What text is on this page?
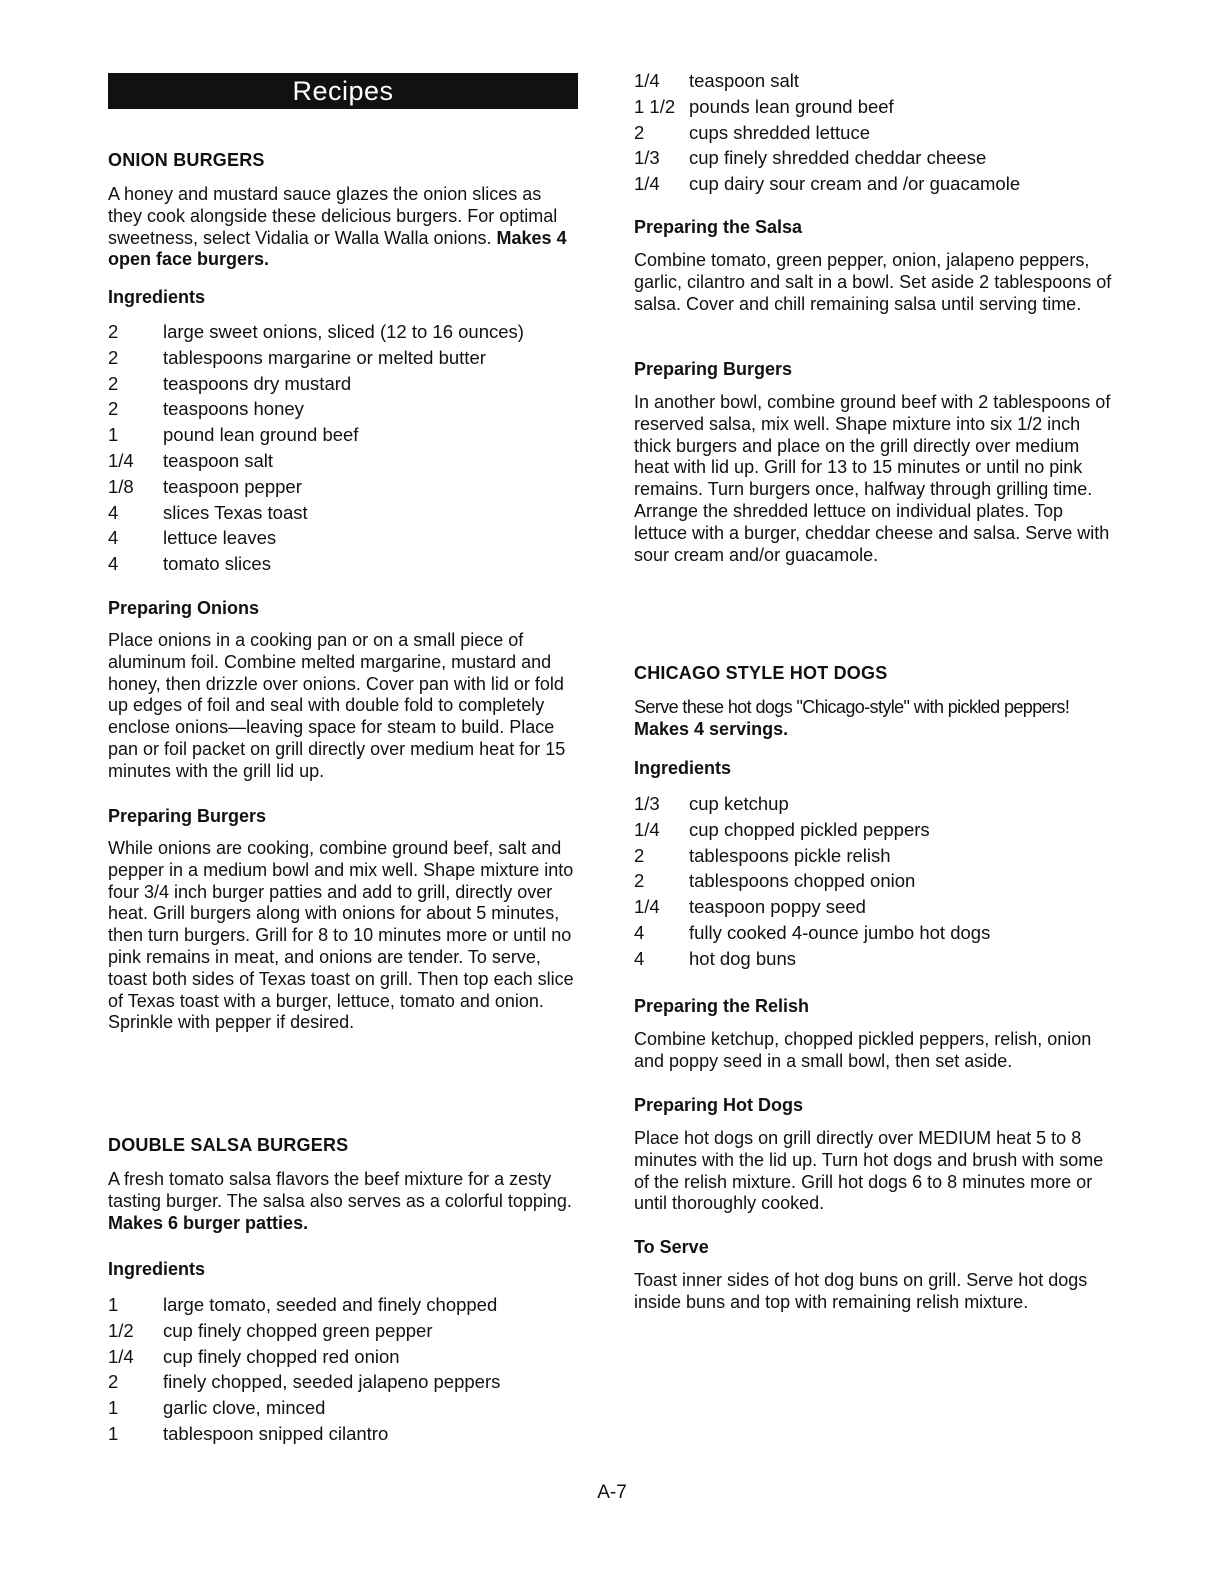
Recipes
ONION BURGERS
A honey and mustard sauce glazes the onion slices as they cook alongside these delicious burgers. For optimal sweetness, select Vidalia or Walla Walla onions. Makes 4 open face burgers.
Ingredients
2	large sweet onions, sliced (12 to 16 ounces)
2	tablespoons margarine or melted butter
2	teaspoons dry mustard
2	teaspoons honey
1	pound lean ground beef
1/4	teaspoon salt
1/8	teaspoon pepper
4	slices Texas toast
4	lettuce leaves
4	tomato slices
Preparing Onions
Place onions in a cooking pan or on a small piece of aluminum foil. Combine melted margarine, mustard and honey, then drizzle over onions. Cover pan with lid or fold up edges of foil and seal with double fold to completely enclose onions—leaving space for steam to build. Place pan or foil packet on grill directly over medium heat for 15 minutes with the grill lid up.
Preparing Burgers
While onions are cooking, combine ground beef, salt and pepper in a medium bowl and mix well. Shape mixture into four 3/4 inch burger patties and add to grill, directly over heat. Grill burgers along with onions for about 5 minutes, then turn burgers. Grill for 8 to 10 minutes more or until no pink remains in meat, and onions are tender. To serve, toast both sides of Texas toast on grill. Then top each slice of Texas toast with a burger, lettuce, tomato and onion. Sprinkle with pepper if desired.
DOUBLE SALSA BURGERS
A fresh tomato salsa flavors the beef mixture for a zesty tasting burger. The salsa also serves as a colorful topping. Makes 6 burger patties.
Ingredients
1	large tomato, seeded and finely chopped
1/2	cup finely chopped green pepper
1/4	cup finely chopped red onion
2	finely chopped, seeded jalapeno peppers
1	garlic clove, minced
1	tablespoon snipped cilantro
1/4	teaspoon salt
1 1/2 pounds lean ground beef
2	cups shredded lettuce
1/3	cup finely shredded cheddar cheese
1/4	cup dairy sour cream and /or guacamole
Preparing the Salsa
Combine tomato, green pepper, onion, jalapeno peppers, garlic, cilantro and salt in a bowl. Set aside 2 tablespoons of salsa. Cover and chill remaining salsa until serving time.
Preparing Burgers
In another bowl, combine ground beef with 2 tablespoons of reserved salsa, mix well. Shape mixture into six 1/2 inch thick burgers and place on the grill directly over medium heat with lid up. Grill for 13 to 15 minutes or until no pink remains. Turn burgers once, halfway through grilling time. Arrange the shredded lettuce on individual plates. Top lettuce with a burger, cheddar cheese and salsa. Serve with sour cream and/or guacamole.
CHICAGO STYLE HOT DOGS
Serve these hot dogs "Chicago-style" with pickled peppers!
Makes 4 servings.
Ingredients
1/3	cup ketchup
1/4	cup chopped pickled peppers
2	tablespoons pickle relish
2	tablespoons chopped onion
1/4	teaspoon poppy seed
4	fully cooked 4-ounce jumbo hot dogs
4	hot dog buns
Preparing the Relish
Combine ketchup, chopped pickled peppers, relish, onion and poppy seed in a small bowl, then set aside.
Preparing Hot Dogs
Place hot dogs on grill directly over MEDIUM heat 5 to 8 minutes with the lid up. Turn hot dogs and brush with some of the relish mixture. Grill hot dogs 6 to 8 minutes more or until thoroughly cooked.
To Serve
Toast inner sides of hot dog buns on grill. Serve hot dogs inside buns and top with remaining relish mixture.
A-7
